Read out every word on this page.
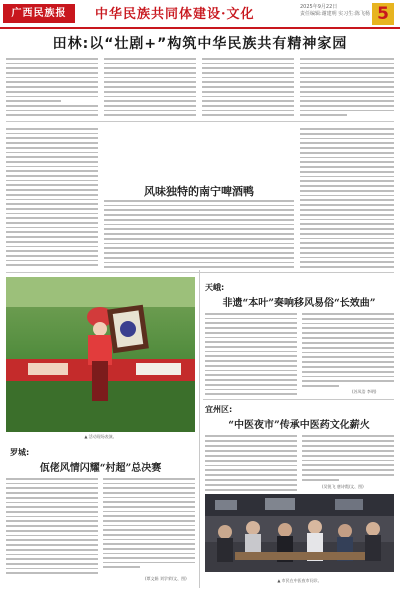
广西民族报	中华民族共同体建设·文化	2025年9月22日
责任编辑:谢建明 实习生:陈飞杨 5
田林:以“壮剧+”构筑中华民族共有精神家园
风味独特的南宁啤酒鸭
▲ 活动现场表演。
罗城:
佤佬风情闪耀“村超”总决赛
(覃文娟 刘学荣/文、图)
天峨:
非遗“本叶”奏响移风易俗“长效曲”
(苏凤浩 李明)
宜州区:
“中医夜市”传承中医药文化薪火
(吴锐飞 唐诗霞/文、图)
▲ 市民在中医夜市问诊。
